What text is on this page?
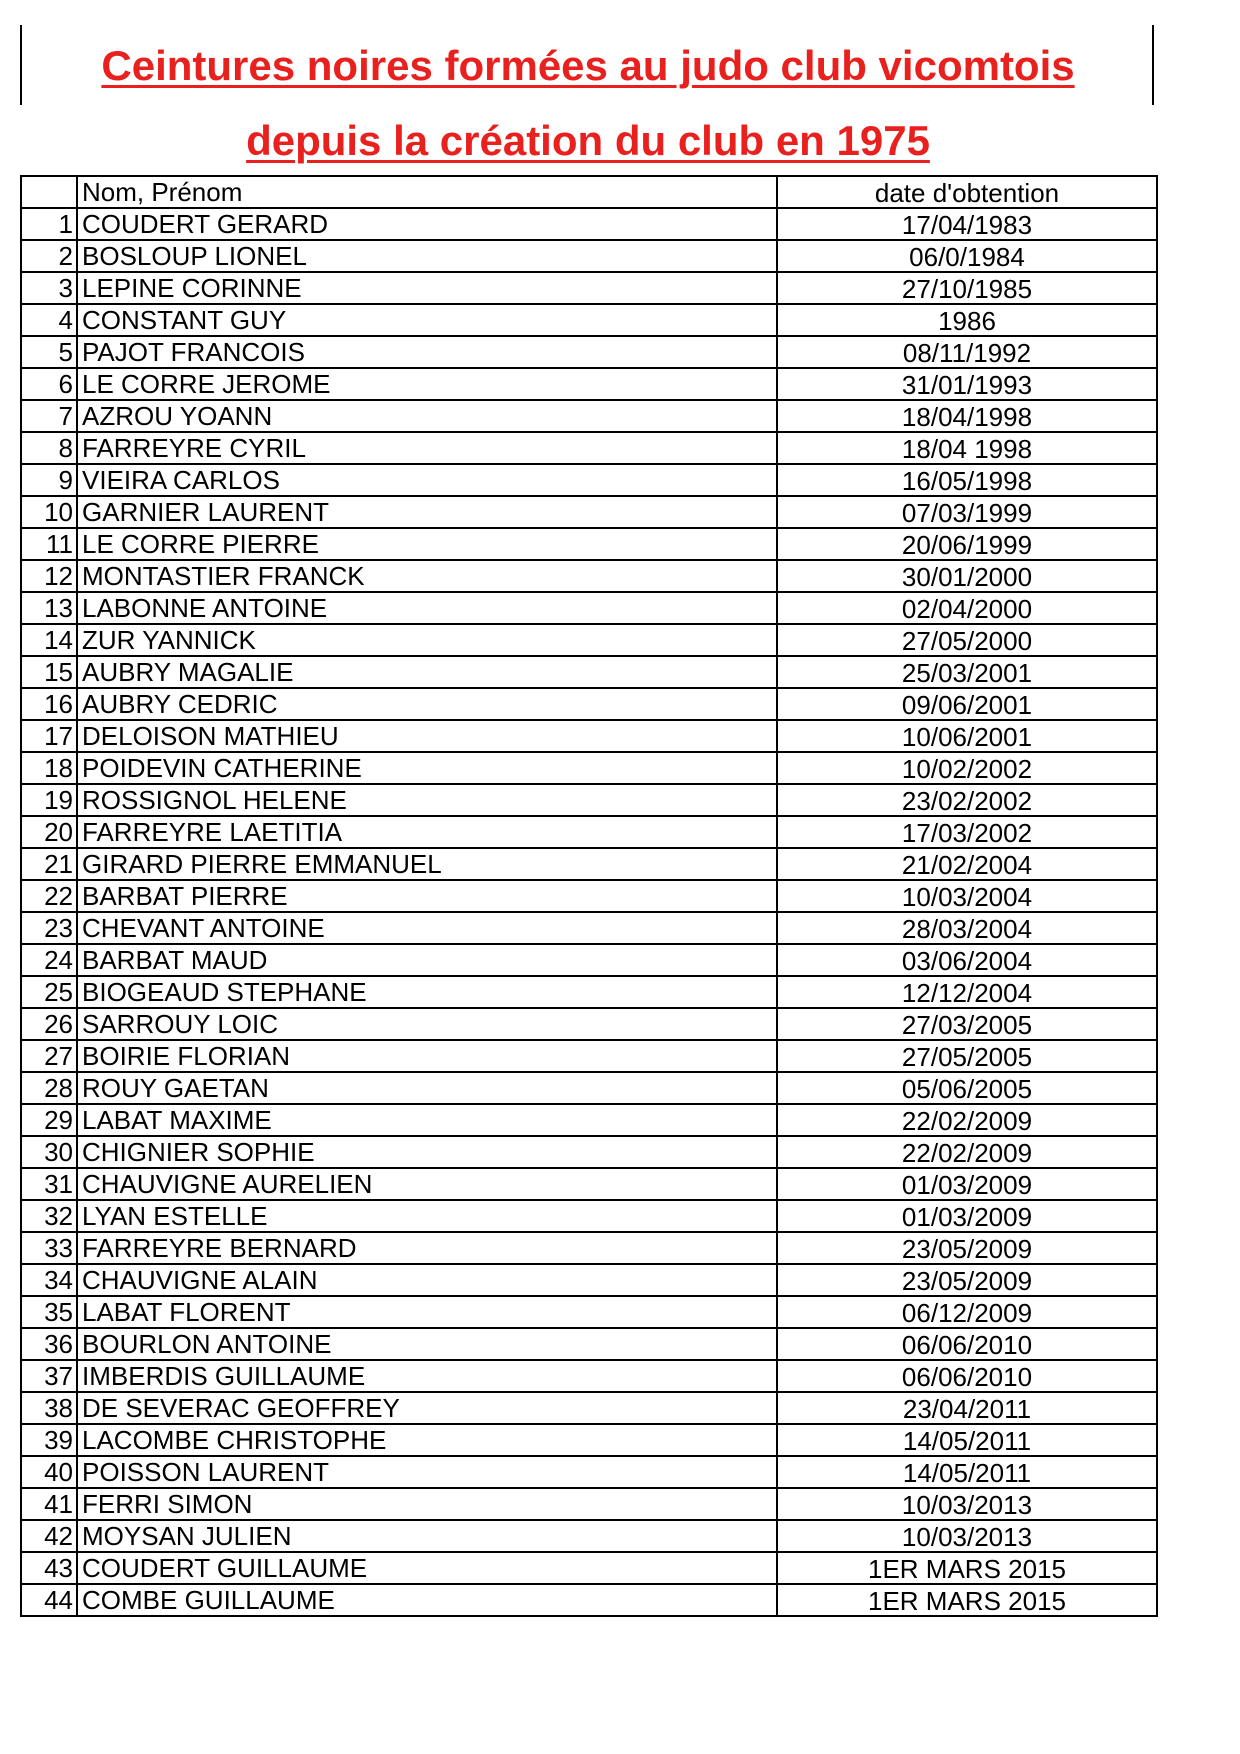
Ceintures noires formées au judo club vicomtois
depuis la création du club en 1975
	Nom, Prénom	date d'obtention
1	COUDERT GERARD	17/04/1983
2	BOSLOUP LIONEL	06/0/1984
3	LEPINE CORINNE	27/10/1985
4	CONSTANT GUY	1986
5	PAJOT FRANCOIS	08/11/1992
6	LE CORRE JEROME	31/01/1993
7	AZROU YOANN	18/04/1998
8	FARREYRE CYRIL	18/04 1998
9	VIEIRA CARLOS	16/05/1998
10	GARNIER LAURENT	07/03/1999
11	LE CORRE PIERRE	20/06/1999
12	MONTASTIER FRANCK	30/01/2000
13	LABONNE ANTOINE	02/04/2000
14	ZUR YANNICK	27/05/2000
15	AUBRY MAGALIE	25/03/2001
16	AUBRY CEDRIC	09/06/2001
17	DELOISON MATHIEU	10/06/2001
18	POIDEVIN CATHERINE	10/02/2002
19	ROSSIGNOL HELENE	23/02/2002
20	FARREYRE LAETITIA	17/03/2002
21	GIRARD PIERRE EMMANUEL	21/02/2004
22	BARBAT PIERRE	10/03/2004
23	CHEVANT ANTOINE	28/03/2004
24	BARBAT MAUD	03/06/2004
25	BIOGEAUD STEPHANE	12/12/2004
26	SARROUY LOIC	27/03/2005
27	BOIRIE FLORIAN	27/05/2005
28	ROUY GAETAN	05/06/2005
29	LABAT MAXIME	22/02/2009
30	CHIGNIER SOPHIE	22/02/2009
31	CHAUVIGNE AURELIEN	01/03/2009
32	LYAN ESTELLE	01/03/2009
33	FARREYRE BERNARD	23/05/2009
34	CHAUVIGNE ALAIN	23/05/2009
35	LABAT FLORENT	06/12/2009
36	BOURLON ANTOINE	06/06/2010
37	IMBERDIS GUILLAUME	06/06/2010
38	DE SEVERAC GEOFFREY	23/04/2011
39	LACOMBE CHRISTOPHE	14/05/2011
40	POISSON LAURENT	14/05/2011
41	FERRI SIMON	10/03/2013
42	MOYSAN JULIEN	10/03/2013
43	COUDERT GUILLAUME	1ER MARS 2015
44	COMBE GUILLAUME	1ER MARS 2015
